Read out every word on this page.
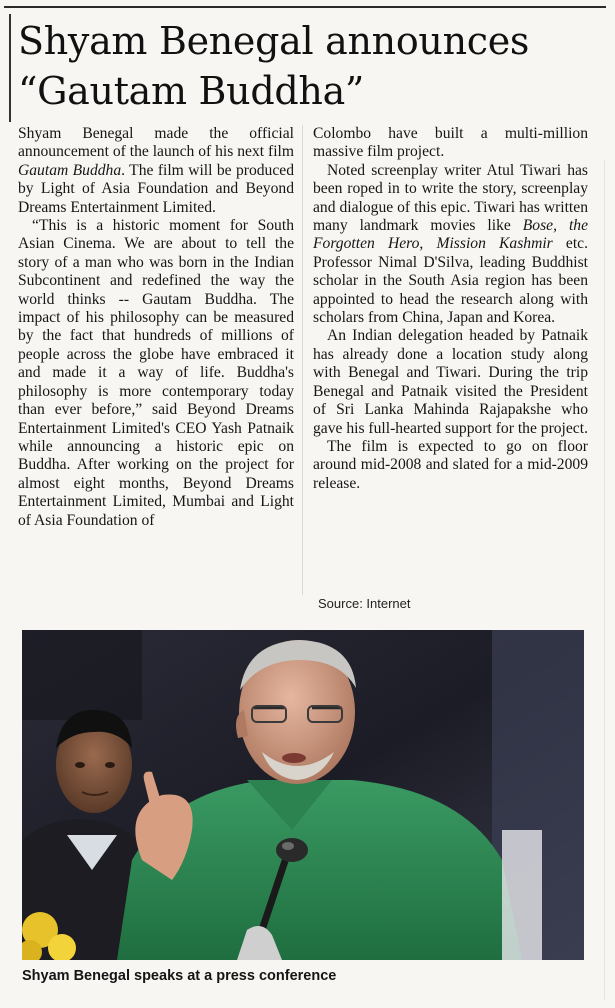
Shyam Benegal announces
“Gautam Buddha”

Shyam Benegal made the official announcement of the launch of his next film Gautam Buddha. The film will be produced by Light of Asia Foundation and Beyond Dreams Entertainment Limited.

“This is a historic moment for South Asian Cinema. We are about to tell the story of a man who was born in the Indian Subcontinent and redefined the way the world thinks -- Gautam Buddha. The impact of his philosophy can be measured by the fact that hundreds of millions of people across the globe have embraced it and made it a way of life. Buddha's philosophy is more contemporary today than ever before,” said Beyond Dreams Entertainment Limited's CEO Yash Patnaik while announcing a historic epic on Buddha. After working on the project for almost eight months, Beyond Dreams Entertainment Limited, Mumbai and Light of Asia Foundation of

Colombo have built a multi-million massive film project.

Noted screenplay writer Atul Tiwari has been roped in to write the story, screenplay and dialogue of this epic. Tiwari has written many landmark movies like Bose, the Forgotten Hero, Mission Kashmir etc. Professor Nimal D'Silva, leading Buddhist scholar in the South Asia region has been appointed to head the research along with scholars from China, Japan and Korea.

An Indian delegation headed by Patnaik has already done a location study along with Benegal and Tiwari. During the trip Benegal and Patnaik visited the President of Sri Lanka Mahinda Rajapakshe who gave his full-hearted support for the project.

The film is expected to go on floor around mid-2008 and slated for a mid-2009 release.

Source: Internet
Shyam Benegal speaks at a press conference
